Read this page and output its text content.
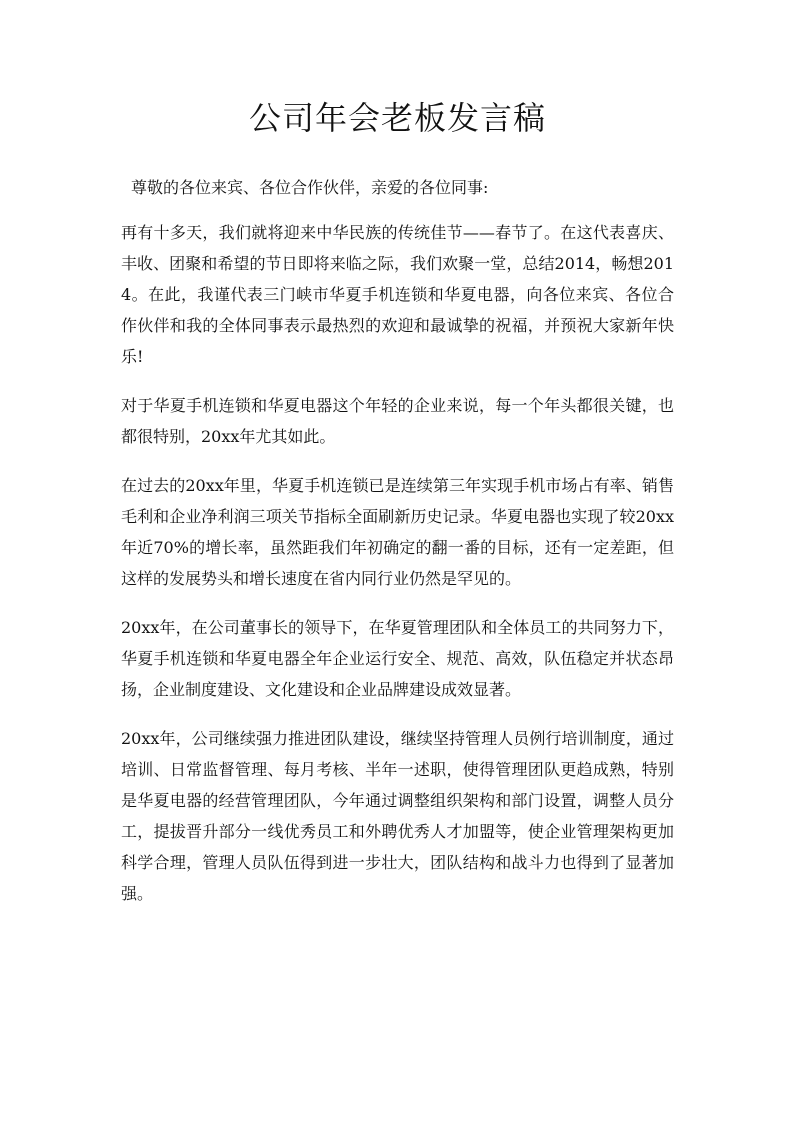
公司年会老板发言稿

尊敬的各位来宾、各位合作伙伴，亲爱的各位同事:

再有十多天，我们就将迎来中华民族的传统佳节——春节了。在这代表喜庆、丰收、团聚和希望的节日即将来临之际，我们欢聚一堂，总结2014，畅想2014。在此，我谨代表三门峡市华夏手机连锁和华夏电器，向各位来宾、各位合作伙伴和我的全体同事表示最热烈的欢迎和最诚挚的祝福，并预祝大家新年快乐!

对于华夏手机连锁和华夏电器这个年轻的企业来说，每一个年头都很关键，也都很特别，20xx年尤其如此。

在过去的20xx年里，华夏手机连锁已是连续第三年实现手机市场占有率、销售毛利和企业净利润三项关节指标全面刷新历史记录。华夏电器也实现了较20xx年近70%的增长率，虽然距我们年初确定的翻一番的目标，还有一定差距，但这样的发展势头和增长速度在省内同行业仍然是罕见的。

20xx年，在公司董事长的领导下，在华夏管理团队和全体员工的共同努力下，华夏手机连锁和华夏电器全年企业运行安全、规范、高效，队伍稳定并状态昂扬，企业制度建设、文化建设和企业品牌建设成效显著。

20xx年，公司继续强力推进团队建设，继续坚持管理人员例行培训制度，通过培训、日常监督管理、每月考核、半年一述职，使得管理团队更趋成熟，特别是华夏电器的经营管理团队，今年通过调整组织架构和部门设置，调整人员分工，提拔晋升部分一线优秀员工和外聘优秀人才加盟等，使企业管理架构更加科学合理，管理人员队伍得到进一步壮大，团队结构和战斗力也得到了显著加强。
